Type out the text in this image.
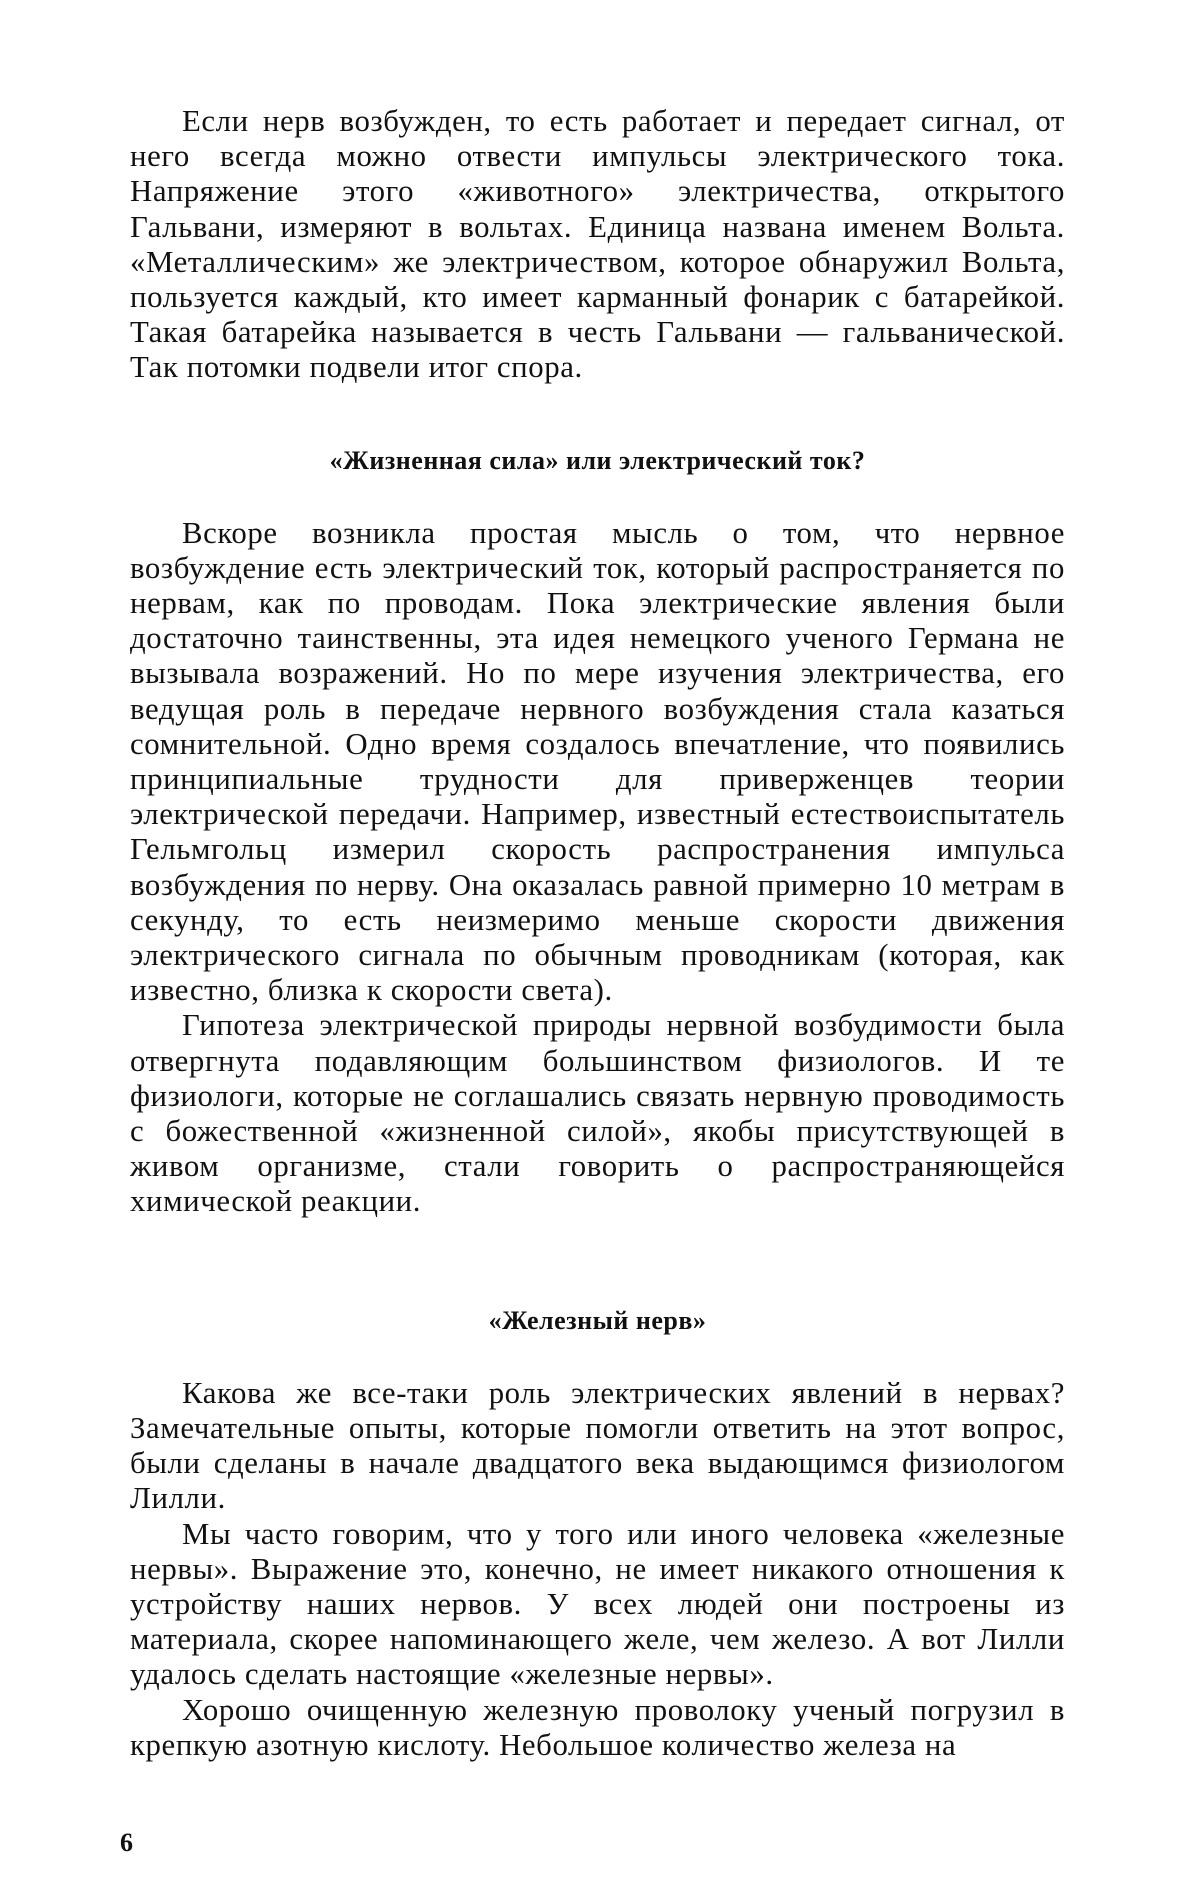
Если нерв возбужден, то есть работает и передает сигнал, от него всегда можно отвести импульсы электрического тока. Напряжение этого «животного» электричества, открытого Гальвани, измеряют в вольтах. Единица названа именем Вольта. «Металлическим» же электричеством, которое обнаружил Вольта, пользуется каждый, кто имеет карманный фонарик с батарейкой. Такая батарейка называется в честь Гальвани — гальванической. Так потомки подвели итог спора.

«Жизненная сила» или электрический ток?

Вскоре возникла простая мысль о том, что нервное возбуждение есть электрический ток, который распространяется по нервам, как по проводам. Пока электрические явления были достаточно таинственны, эта идея немецкого ученого Германа не вызывала возражений. Но по мере изучения электричества, его ведущая роль в передаче нервного возбуждения стала казаться сомнительной. Одно время создалось впечатление, что появились принципиальные трудности для приверженцев теории электрической передачи. Например, известный естествоиспытатель Гельмгольц измерил скорость распространения импульса возбуждения по нерву. Она оказалась равной примерно 10 метрам в секунду, то есть неизмеримо меньше скорости движения электрического сигнала по обычным проводникам (которая, как известно, близка к скорости света).

Гипотеза электрической природы нервной возбудимости была отвергнута подавляющим большинством физиологов. И те физиологи, которые не соглашались связать нервную проводимость с божественной «жизненной силой», якобы присутствующей в живом организме, стали говорить о распространяющейся химической реакции.

«Железный нерв»

Какова же все-таки роль электрических явлений в нервах? Замечательные опыты, которые помогли ответить на этот вопрос, были сделаны в начале двадцатого века выдающимся физиологом Лилли.

Мы часто говорим, что у того или иного человека «железные нервы». Выражение это, конечно, не имеет никакого отношения к устройству наших нервов. У всех людей они построены из материала, скорее напоминающего желе, чем железо. А вот Лилли удалось сделать настоящие «железные нервы».

Хорошо очищенную железную проволоку ученый погрузил в крепкую азотную кислоту. Небольшое количество железа на

6
